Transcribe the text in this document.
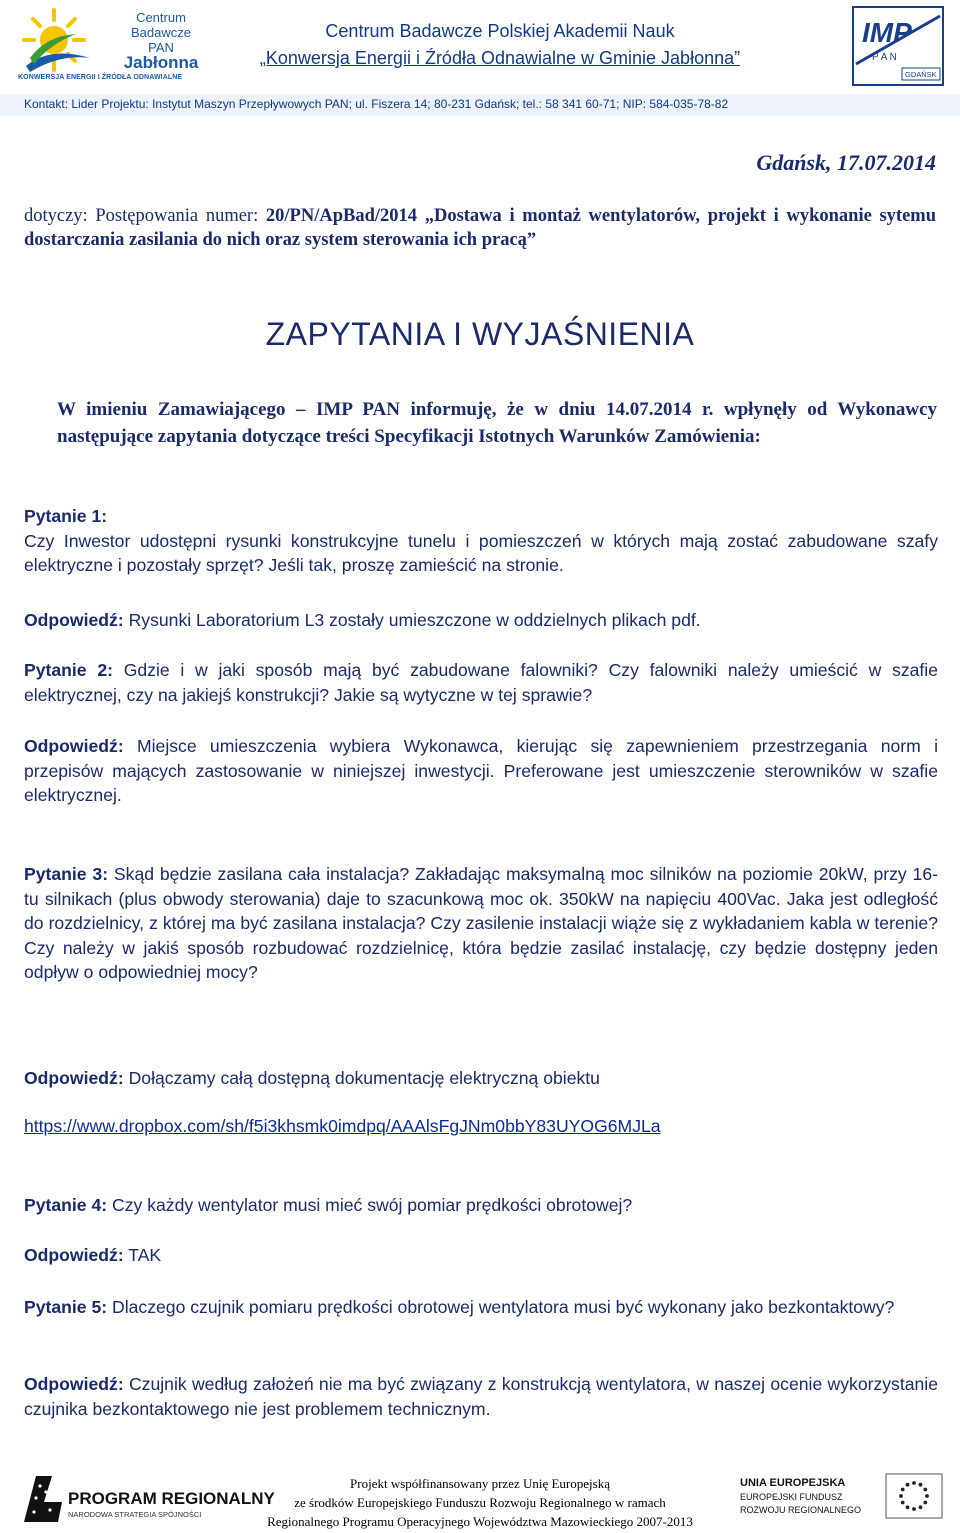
Centrum
Badawcze
PAN
Jabłonna
KONWERSJA ENERGII I ŹRÓDŁA ODNAWIALNE
Centrum Badawcze Polskiej Akademii Nauk
„Konwersja Energii i Źródła Odnawialne w Gminie Jabłonna”
IMP
P A N
GDAŃSK
Kontakt: Lider Projektu: Instytut Maszyn Przepływowych PAN; ul. Fiszera 14; 80-231 Gdańsk; tel.: 58 341 60-71; NIP: 584-035-78-82
Gdańsk, 17.07.2014
dotyczy: Postępowania numer: 20/PN/ApBad/2014 „Dostawa i montaż wentylatorów, projekt i wykonanie sytemu dostarczania zasilania do nich oraz system sterowania ich pracą”
ZAPYTANIA I WYJAŚNIENIA
W imieniu Zamawiającego – IMP PAN informuję, że w dniu 14.07.2014 r. wpłynęły od Wykonawcy następujące zapytania dotyczące treści Specyfikacji Istotnych Warunków Zamówienia:
Pytanie 1:
Czy Inwestor udostępni rysunki konstrukcyjne tunelu i pomieszczeń w których mają zostać zabudowane szafy elektryczne i pozostały sprzęt? Jeśli tak, proszę zamieścić na stronie.
Odpowiedź: Rysunki Laboratorium L3 zostały umieszczone w oddzielnych plikach pdf.
Pytanie 2: Gdzie i w jaki sposób mają być zabudowane falowniki? Czy falowniki należy umieścić w szafie elektrycznej, czy na jakiejś konstrukcji? Jakie są wytyczne w tej sprawie?
Odpowiedź: Miejsce umieszczenia wybiera Wykonawca, kierując się zapewnieniem przestrzegania norm i przepisów mających zastosowanie w niniejszej inwestycji. Preferowane jest umieszczenie sterowników w szafie elektrycznej.
Pytanie 3: Skąd będzie zasilana cała instalacja? Zakładając maksymalną moc silników na poziomie 20kW, przy 16-tu silnikach (plus obwody sterowania) daje to szacunkową moc ok. 350kW na napięciu 400Vac. Jaka jest odległość do rozdzielnicy, z której ma być zasilana instalacja? Czy zasilenie instalacji wiąże się z wykładaniem kabla w terenie? Czy należy w jakiś sposób rozbudować rozdzielnicę, która będzie zasilać instalację, czy będzie dostępny jeden odpływ o odpowiedniej mocy?
Odpowiedź: Dołączamy całą dostępną dokumentację elektryczną obiektu
https://www.dropbox.com/sh/f5i3khsmk0imdpq/AAAlsFgJNm0bbY83UYOG6MJLa
Pytanie 4: Czy każdy wentylator musi mieć swój pomiar prędkości obrotowej?
Odpowiedź: TAK
Pytanie 5: Dlaczego czujnik pomiaru prędkości obrotowej wentylatora musi być wykonany jako bezkontaktowy?
Odpowiedź: Czujnik według założeń nie ma być związany z konstrukcją wentylatora, w naszej ocenie wykorzystanie czujnika bezkontaktowego nie jest problemem technicznym.
PROGRAM REGIONALNY
NARODOWA STRATEGIA SPÓJNOŚCI
Projekt współfinansowany przez Unię Europejską
ze środków Europejskiego Funduszu Rozwoju Regionalnego w ramach
Regionalnego Programu Operacyjnego Województwa Mazowieckiego 2007-2013
UNIA EUROPEJSKA
EUROPEJSKI FUNDUSZ
ROZWOJU REGIONALNEGO
